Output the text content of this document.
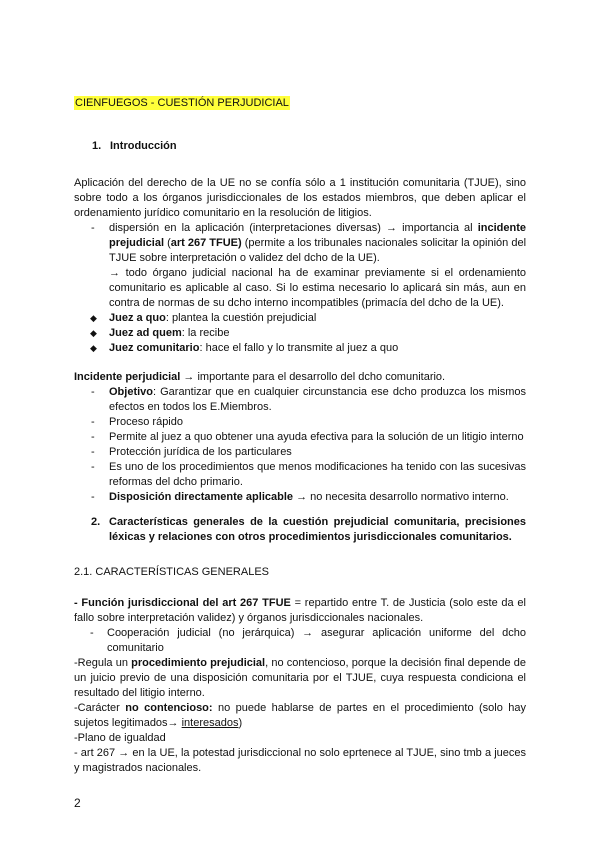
CIENFUEGOS - CUESTIÓN PERJUDICIAL
1. Introducción

Aplicación del derecho de la UE no se confía sólo a 1 institución comunitaria (TJUE), sino sobre todo a los órganos jurisdiccionales de los estados miembros, que deben aplicar el ordenamiento jurídico comunitario en la resolución de litigios.

-	dispersión en la aplicación (interpretaciones diversas) → importancia al incidente prejudicial (art 267 TFUE) (permite a los tribunales nacionales solicitar la opinión del TJUE sobre interpretación o validez del dcho de la UE).
→ todo órgano judicial nacional ha de examinar previamente si el ordenamiento comunitario es aplicable al caso. Si lo estima necesario lo aplicará sin más, aun en contra de normas de su dcho interno incompatibles (primacía del dcho de la UE).
◆	Juez a quo: plantea la cuestión prejudicial
◆	Juez ad quem: la recibe
◆	Juez comunitario: hace el fallo y lo transmite al juez a quo

Incidente perjudicial → importante para el desarrollo del dcho comunitario.

-	Objetivo: Garantizar que en cualquier circunstancia ese dcho produzca los mismos efectos en todos los E.Miembros.
-	Proceso rápido
-	Permite al juez a quo obtener una ayuda efectiva para la solución de un litigio interno
-	Protección jurídica de los particulares
-	Es uno de los procedimientos que menos modificaciones ha tenido con las sucesivas reformas del dcho primario.
-	Disposición directamente aplicable → no necesita desarrollo normativo interno.
2. Características generales de la cuestión prejudicial comunitaria, precisiones léxicas y relaciones con otros procedimientos jurisdiccionales comunitarios.
2.1. CARACTERÍSTICAS GENERALES

- Función jurisdiccional del art 267 TFUE = repartido entre T. de Justicia (solo este da el fallo sobre interpretación validez) y órganos jurisdiccionales nacionales.

- Cooperación judicial (no jerárquica) → asegurar aplicación uniforme del dcho comunitario

-Regula un procedimiento prejudicial, no contencioso, porque la decisión final depende de un juicio previo de una disposición comunitaria por el TJUE, cuya respuesta condiciona el resultado del litigio interno.

-Carácter no contencioso: no puede hablarse de partes en el procedimiento (solo hay sujetos legitimados→ interesados)

-Plano de igualdad

- art 267 → en la UE, la potestad jurisdiccional no solo eprtenece al TJUE, sino tmb a jueces y magistrados nacionales.

2
